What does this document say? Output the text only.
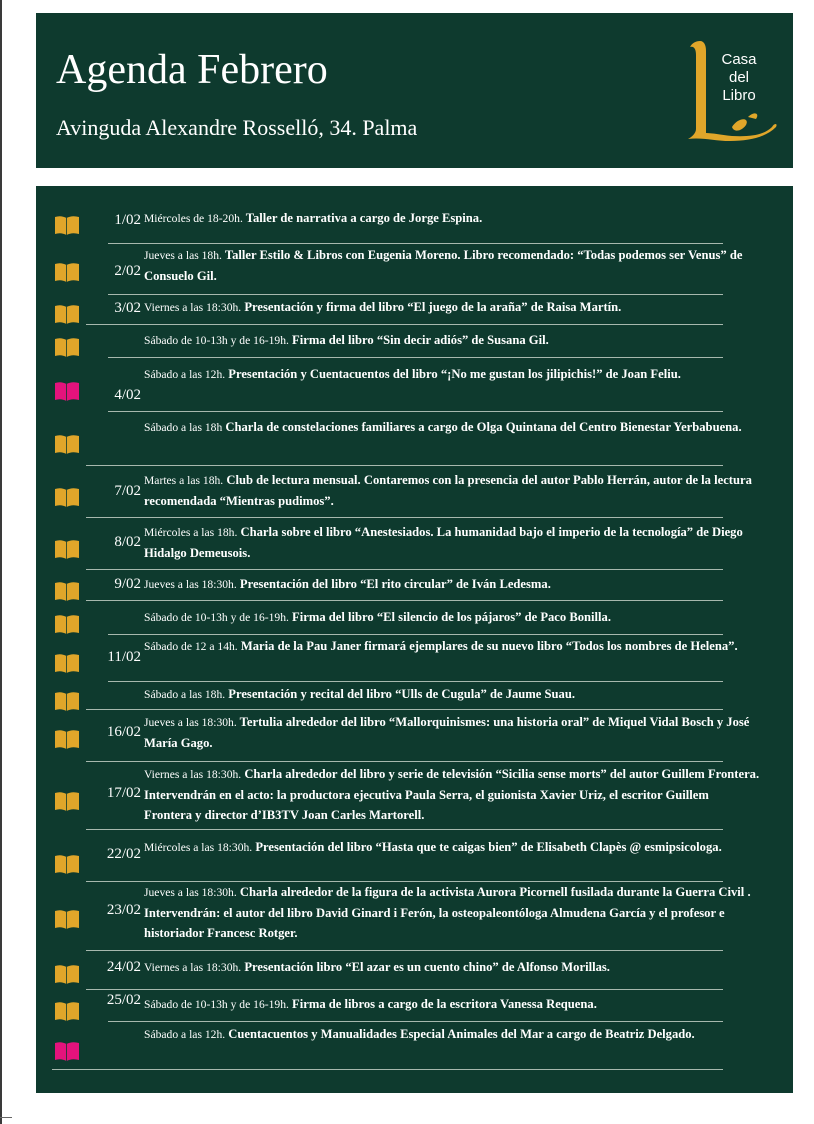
Agenda Febrero
Avinguda Alexandre Rosselló, 34. Palma
Casa
del
Libro
1/02
2/02
3/02
4/02
7/02
8/02
9/02
11/02
16/02
17/02
22/02
23/02
24/02
25/02
Miércoles de 18-20h. Taller de narrativa a cargo de Jorge Espina.
Jueves a las 18h. Taller Estilo & Libros con Eugenia Moreno. Libro recomendado: “Todas podemos ser Venus” de Consuelo Gil.
Viernes a las 18:30h. Presentación y firma del libro “El juego de la araña” de Raisa Martín.
Sábado de 10-13h y de 16-19h. Firma del libro “Sin decir adiós” de Susana Gil.
Sábado a las 12h. Presentación y Cuentacuentos del libro “¡No me gustan los jilipichis!” de Joan Feliu.
Sábado a las 18h Charla de constelaciones familiares a cargo de Olga Quintana del Centro Bienestar Yerbabuena.
Martes a las 18h. Club de lectura mensual. Contaremos con la presencia del autor Pablo Herrán, autor de la lectura recomendada “Mientras pudimos”.
Miércoles a las 18h. Charla sobre el libro “Anestesiados. La humanidad bajo el imperio de la tecnología” de Diego Hidalgo Demeusois.
Jueves a las 18:30h. Presentación del libro “El rito circular” de Iván Ledesma.
Sábado de 10-13h y de 16-19h. Firma del libro “El silencio de los pájaros” de Paco Bonilla.
Sábado de 12 a 14h. Maria de la Pau Janer firmará ejemplares de su nuevo libro “Todos los nombres de Helena”.
Sábado a las 18h. Presentación y recital del libro “Ulls de Cugula” de Jaume Suau.
Jueves a las 18:30h. Tertulia alrededor del libro “Mallorquinismes: una historia oral” de Miquel Vidal Bosch y José María Gago.
Viernes a las 18:30h. Charla alrededor del libro y serie de televisión “Sicilia sense morts” del autor Guillem Frontera. Intervendrán en el acto: la productora ejecutiva Paula Serra, el guionista Xavier Uriz, el escritor Guillem Frontera y director d’IB3TV Joan Carles Martorell.
Miércoles a las 18:30h. Presentación del libro “Hasta que te caigas bien” de Elisabeth Clapès @ esmipsicologa.
Jueves a las 18:30h. Charla alrededor de la figura de la activista Aurora Picornell fusilada durante la Guerra Civil . Intervendrán: el autor del libro David Ginard i Ferón, la osteopaleontóloga Almudena García y el profesor e historiador Francesc Rotger.
Viernes a las 18:30h. Presentación libro “El azar es un cuento chino” de Alfonso Morillas.
Sábado de 10-13h y de 16-19h. Firma de libros a cargo de la escritora Vanessa Requena.
Sábado a las 12h. Cuentacuentos y Manualidades Especial Animales del Mar a cargo de Beatriz Delgado.
